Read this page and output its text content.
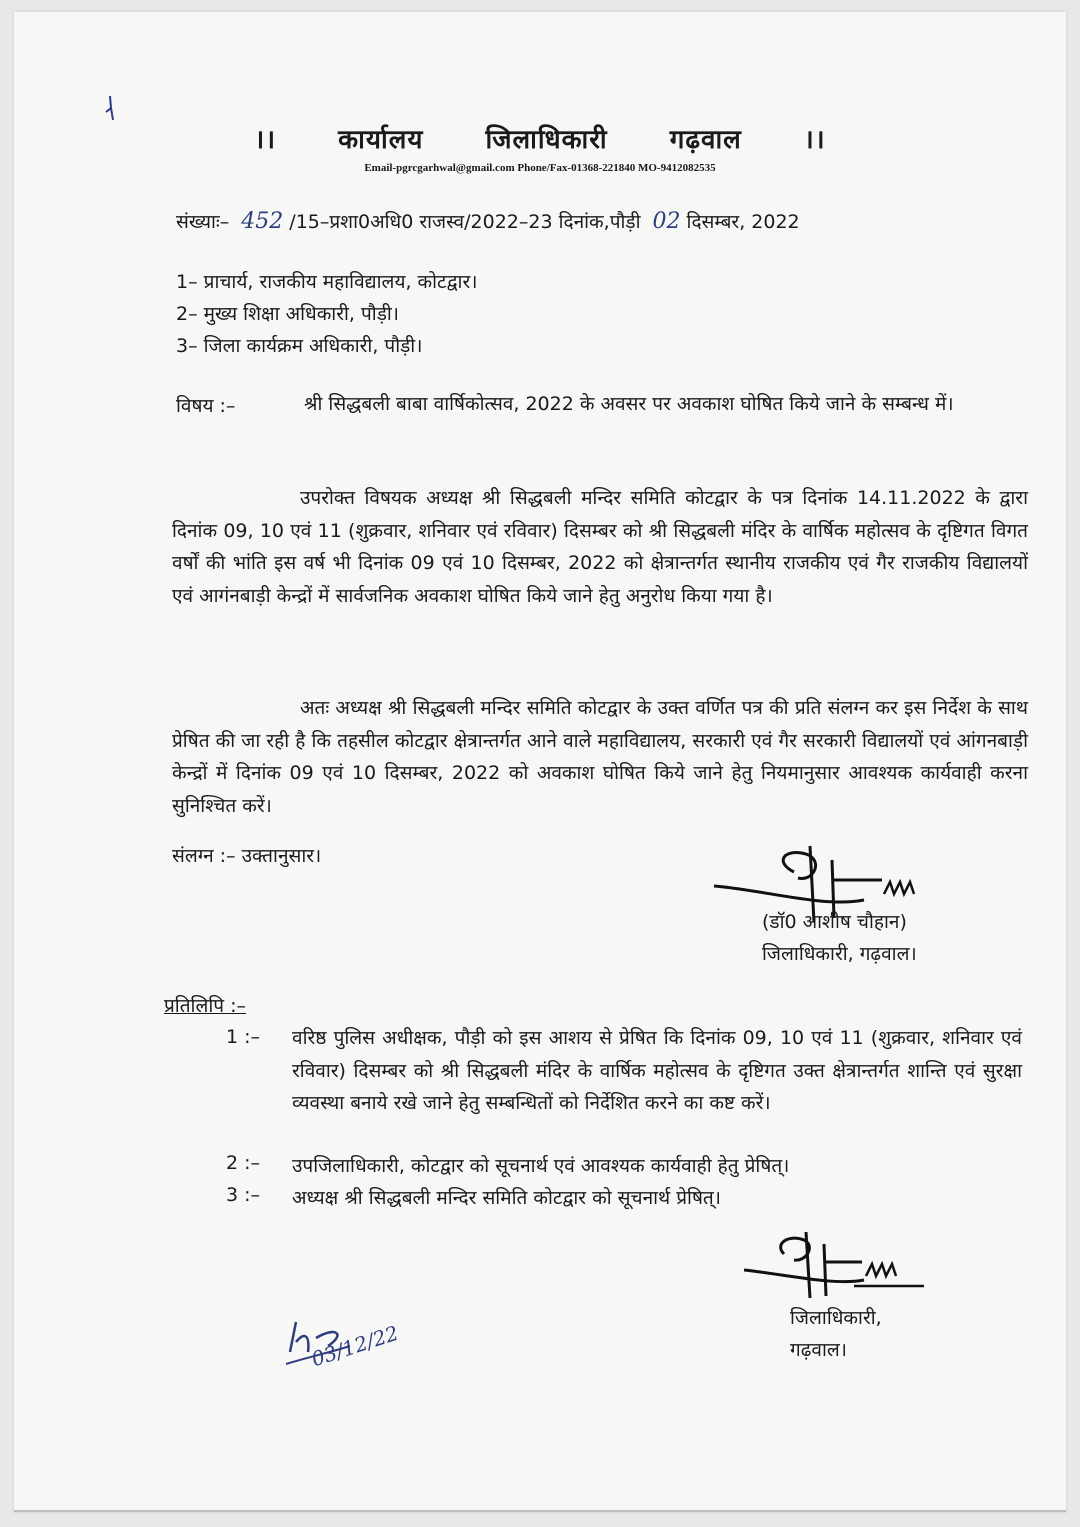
।। कार्यालय जिलाधिकारी गढ़वाल ।।
Email-pgrcgarhwal@gmail.com Phone/Fax-01368-221840 MO-9412082535
संख्याः– 452 /15–प्रशा0अधि0 राजस्व/2022–23 दिनांक,पौड़ी 02 दिसम्बर, 2022
1– प्राचार्य, राजकीय महाविद्यालय, कोटद्वार।
2– मुख्य शिक्षा अधिकारी, पौड़ी।
3– जिला कार्यक्रम अधिकारी, पौड़ी।
विषय :–	श्री सिद्धबली बाबा वार्षिकोत्सव, 2022 के अवसर पर अवकाश घोषित किये जाने के सम्बन्ध में।
उपरोक्त विषयक अध्यक्ष श्री सिद्धबली मन्दिर समिति कोटद्वार के पत्र दिनांक 14.11.2022 के द्वारा दिनांक 09, 10 एवं 11 (शुक्रवार, शनिवार एवं रविवार) दिसम्बर को श्री सिद्धबली मंदिर के वार्षिक महोत्सव के दृष्टिगत विगत वर्षों की भांति इस वर्ष भी दिनांक 09 एवं 10 दिसम्बर, 2022 को क्षेत्रान्तर्गत स्थानीय राजकीय एवं गैर राजकीय विद्यालयों एवं आगंनबाड़ी केन्द्रों में सार्वजनिक अवकाश घोषित किये जाने हेतु अनुरोध किया गया है।
अतः अध्यक्ष श्री सिद्धबली मन्दिर समिति कोटद्वार के उक्त वर्णित पत्र की प्रति संलग्न कर इस निर्देश के साथ प्रेषित की जा रही है कि तहसील कोटद्वार क्षेत्रान्तर्गत आने वाले महाविद्यालय, सरकारी एवं गैर सरकारी विद्यालयों एवं आंगनबाड़ी केन्द्रों में दिनांक 09 एवं 10 दिसम्बर, 2022 को अवकाश घोषित किये जाने हेतु नियमानुसार आवश्यक कार्यवाही करना सुनिश्चित करें।
संलग्न :– उक्तानुसार।
(डॉ0 आशीष चौहान)
जिलाधिकारी, गढ़वाल।
प्रतिलिपि :–
1 :– वरिष्ठ पुलिस अधीक्षक, पौड़ी को इस आशय से प्रेषित कि दिनांक 09, 10 एवं 11 (शुक्रवार, शनिवार एवं रविवार) दिसम्बर को श्री सिद्धबली मंदिर के वार्षिक महोत्सव के दृष्टिगत उक्त क्षेत्रान्तर्गत शान्ति एवं सुरक्षा व्यवस्था बनाये रखे जाने हेतु सम्बन्धितों को निर्देशित करने का कष्ट करें।
2 :– उपजिलाधिकारी, कोटद्वार को सूचनार्थ एवं आवश्यक कार्यवाही हेतु प्रेषित्।
3 :– अध्यक्ष श्री सिद्धबली मन्दिर समिति कोटद्वार को सूचनार्थ प्रेषित्।
जिलाधिकारी,
गढ़वाल।
03/12/22
